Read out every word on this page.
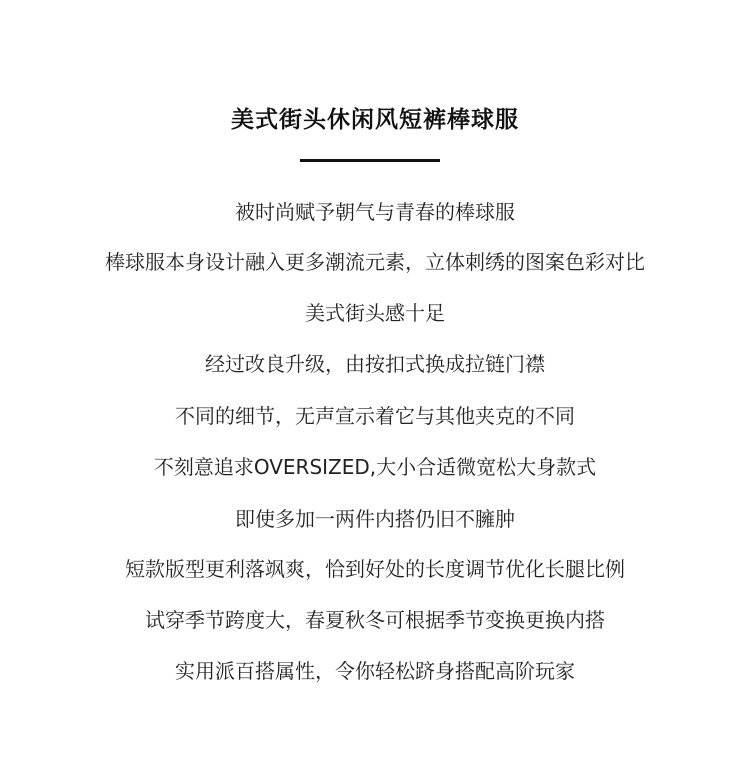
美式街头休闲风短裤棒球服
被时尚赋予朝气与青春的棒球服
棒球服本身设计融入更多潮流元素，立体刺绣的图案色彩对比
美式街头感十足
经过改良升级，由按扣式换成拉链门襟
不同的细节，无声宣示着它与其他夹克的不同
不刻意追求OVERSIZED,大小合适微宽松大身款式
即使多加一两件内搭仍旧不臃肿
短款版型更利落飒爽，恰到好处的长度调节优化长腿比例
试穿季节跨度大，春夏秋冬可根据季节变换更换内搭
实用派百搭属性，令你轻松跻身搭配高阶玩家
